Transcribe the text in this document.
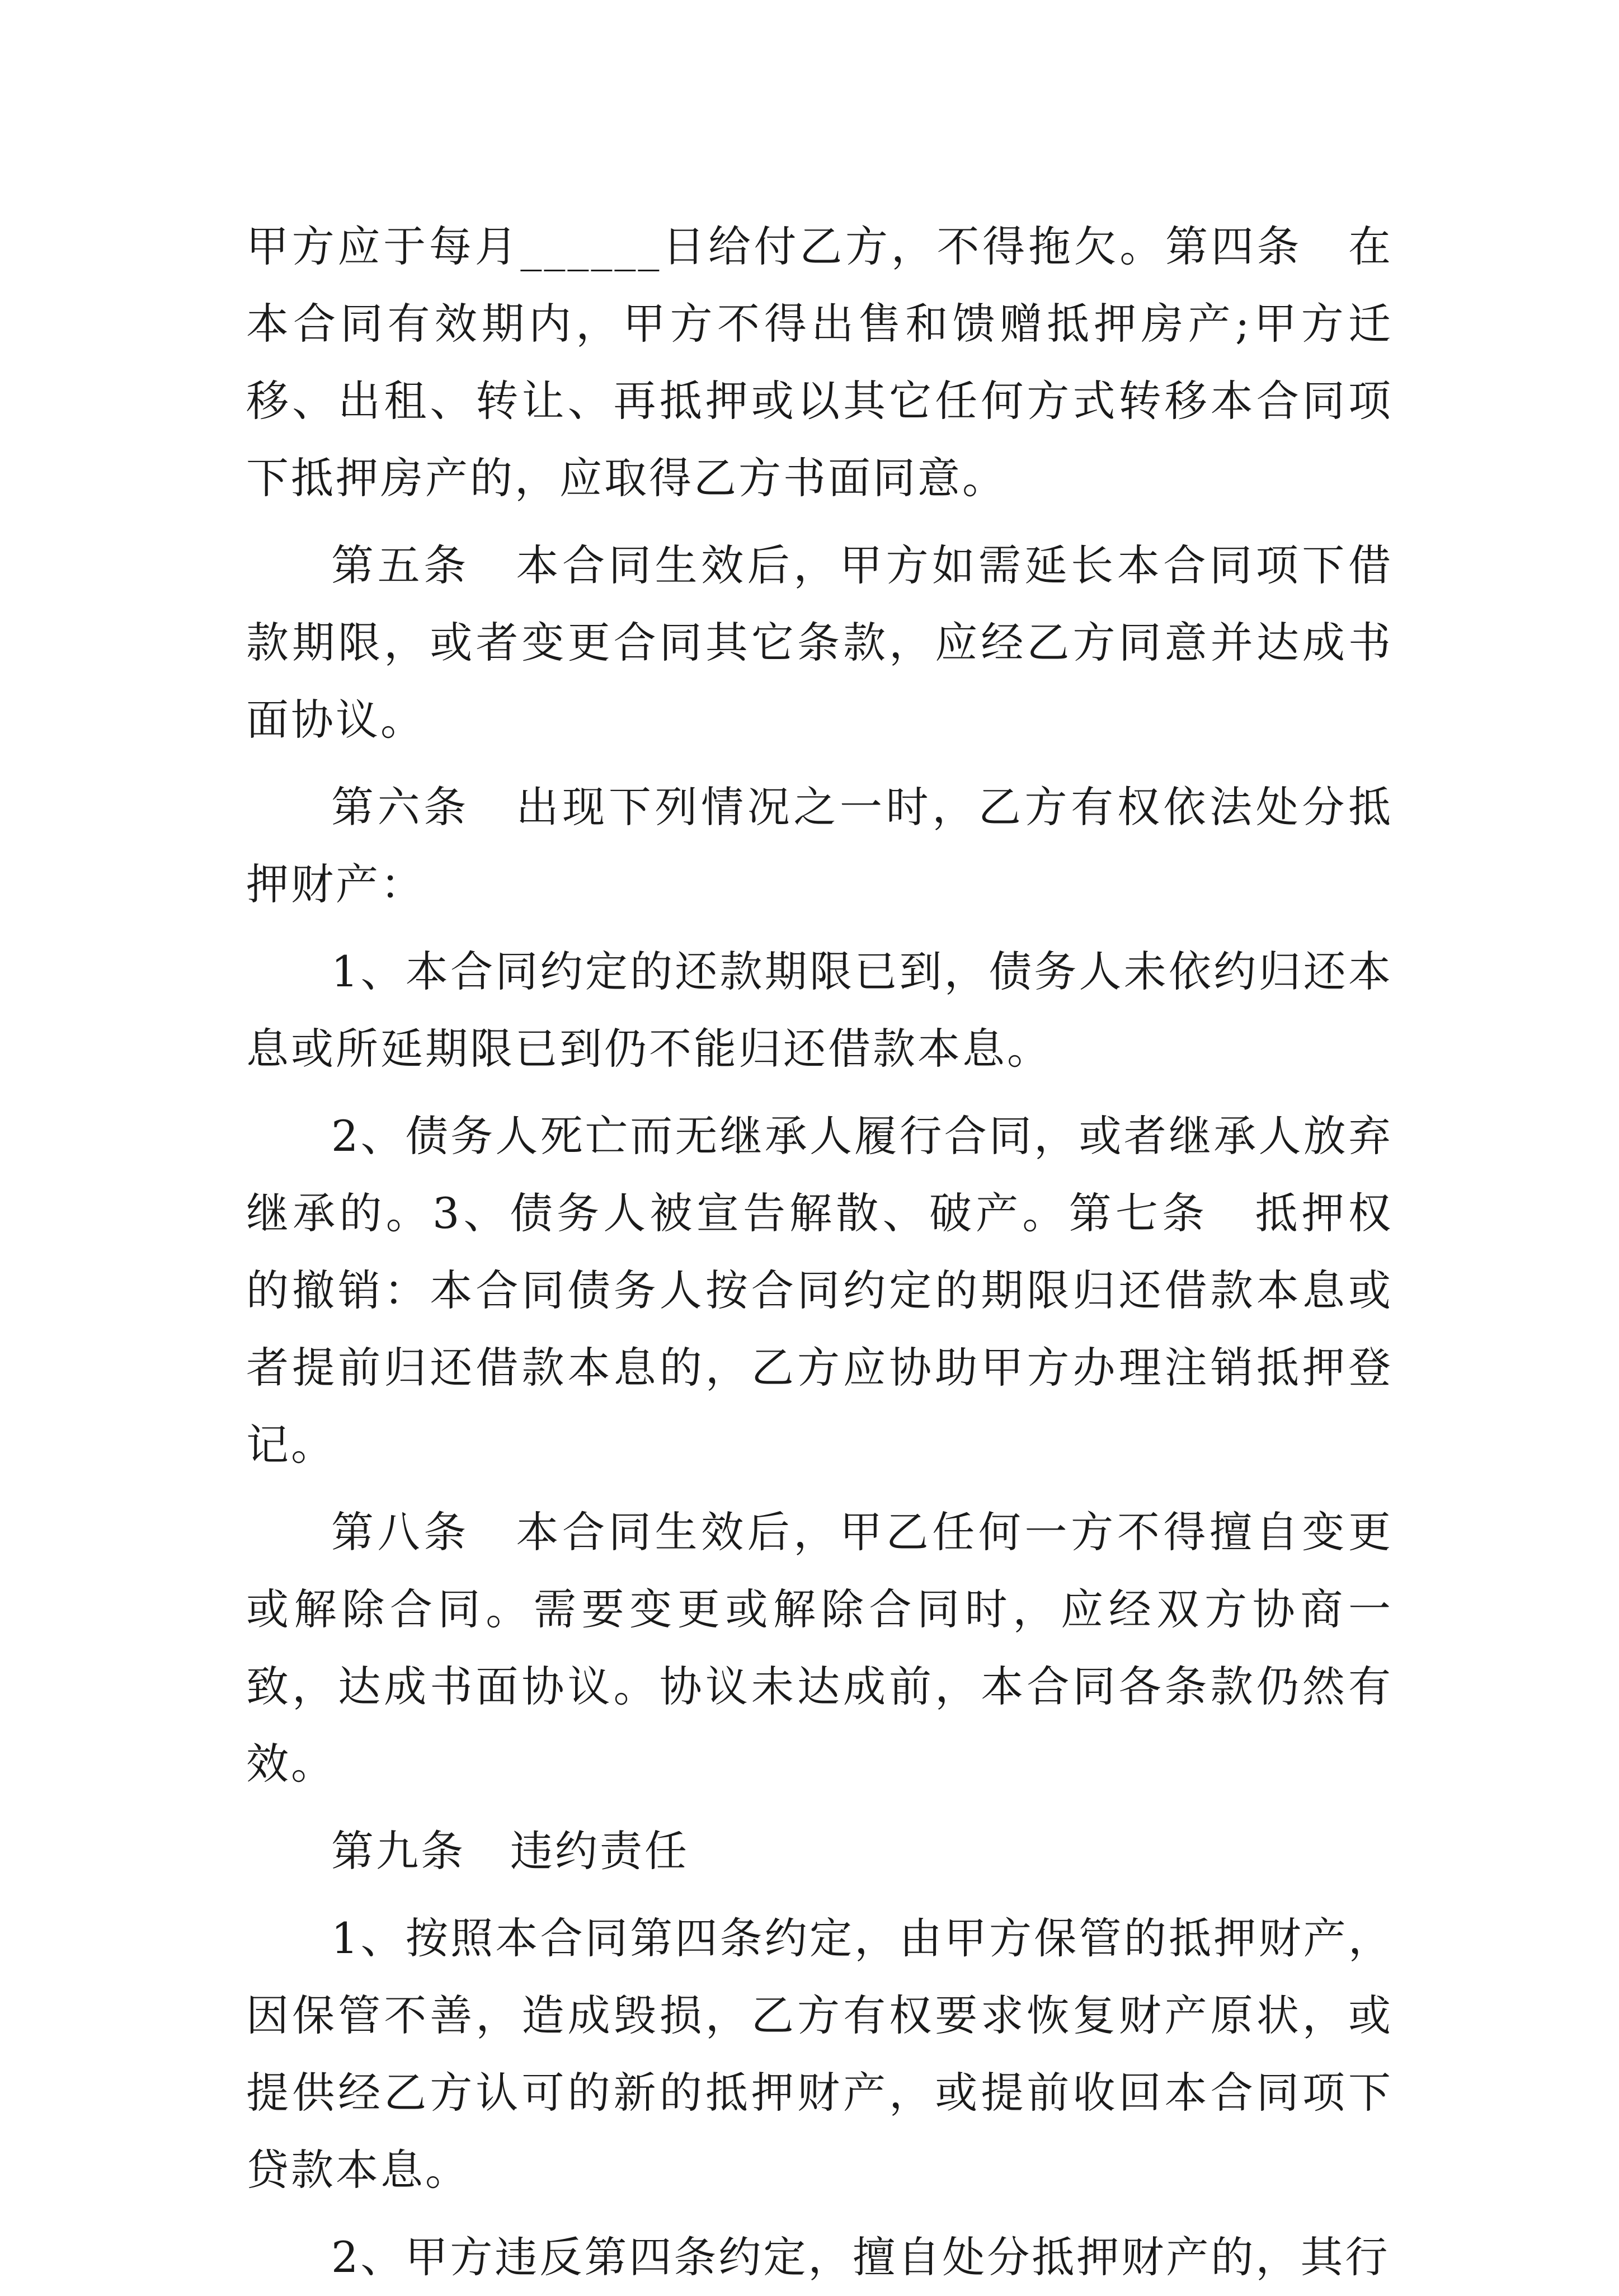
甲方应于每月______日给付乙方，不得拖欠。第四条　在本合同有效期内，甲方不得出售和馈赠抵押房产;甲方迁移、出租、转让、再抵押或以其它任何方式转移本合同项下抵押房产的，应取得乙方书面同意。

第五条　本合同生效后，甲方如需延长本合同项下借款期限，或者变更合同其它条款，应经乙方同意并达成书面协议。

第六条　出现下列情况之一时，乙方有权依法处分抵押财产：

1、本合同约定的还款期限已到，债务人未依约归还本息或所延期限已到仍不能归还借款本息。

2、债务人死亡而无继承人履行合同，或者继承人放弃继承的。3、债务人被宣告解散、破产。第七条　抵押权的撤销：本合同债务人按合同约定的期限归还借款本息或者提前归还借款本息的，乙方应协助甲方办理注销抵押登记。

第八条　本合同生效后，甲乙任何一方不得擅自变更或解除合同。需要变更或解除合同时，应经双方协商一致，达成书面协议。协议未达成前，本合同各条款仍然有效。

第九条　违约责任

1、按照本合同第四条约定，由甲方保管的抵押财产，因保管不善，造成毁损，乙方有权要求恢复财产原状，或提供经乙方认可的新的抵押财产，或提前收回本合同项下贷款本息。

2、甲方违反第四条约定，擅自处分抵押财产的，其行
